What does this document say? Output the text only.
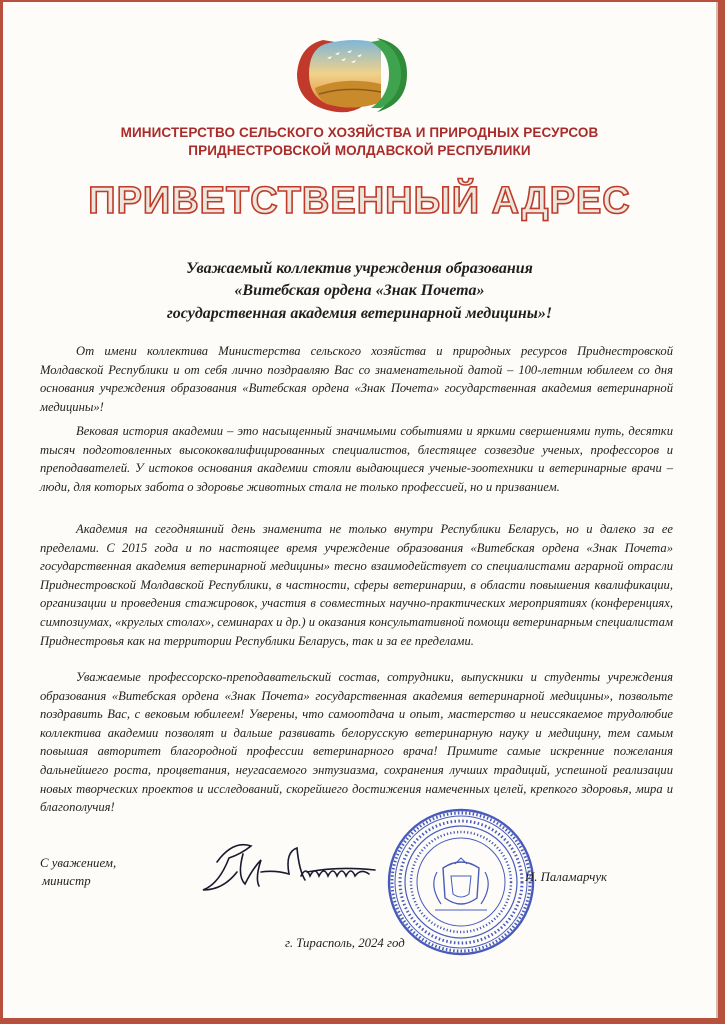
МИНИСТЕРСТВО СЕЛЬСКОГО ХОЗЯЙСТВА И ПРИРОДНЫХ РЕСУРСОВ
ПРИДНЕСТРОВСКОЙ МОЛДАВСКОЙ РЕСПУБЛИКИ
ПРИВЕТСТВЕННЫЙ АДРЕС
Уважаемый коллектив учреждения образования
«Витебская ордена «Знак Почета»
государственная академия ветеринарной медицины»!
От имени коллектива Министерства сельского хозяйства и природных ресурсов Приднестровской Молдавской Республики и от себя лично поздравляю Вас со знаменательной датой – 100-летним юбилеем со дня основания учреждения образования «Витебская ордена «Знак Почета» государственная академия ветеринарной медицины»!
Вековая история академии – это насыщенный значимыми событиями и яркими свершениями путь, десятки тысяч подготовленных высококвалифицированных специалистов, блестящее созвездие ученых, профессоров и преподавателей. У истоков основания академии стояли выдающиеся ученые-зоотехники и ветеринарные врачи – люди, для которых забота о здоровье животных стала не только профессией, но и призванием.
Академия на сегодняшний день знаменита не только внутри Республики Беларусь, но и далеко за ее пределами. С 2015 года и по настоящее время учреждение образования «Витебская ордена «Знак Почета» государственная академия ветеринарной медицины» тесно взаимодействует со специалистами аграрной отрасли Приднестровской Молдавской Республики, в частности, сферы ветеринарии, в области повышения квалификации, организации и проведения стажировок, участия в совместных научно-практических мероприятиях (конференциях, симпозиумах, «круглых столах», семинарах и др.) и оказания консультативной помощи ветеринарным специалистам Приднестровья как на территории Республики Беларусь, так и за ее пределами.
Уважаемые профессорско-преподавательский состав, сотрудники, выпускники и студенты учреждения образования «Витебская ордена «Знак Почета» государственная академия ветеринарной медицины», позвольте поздравить Вас, с вековым юбилеем! Уверены, что самоотдача и опыт, мастерство и неиссякаемое трудолюбие коллектива академии позволят и дальше развивать белорусскую ветеринарную науку и медицину, тем самым повышая авторитет благородной профессии ветеринарного врача! Примите самые искренние пожелания дальнейшего роста, процветания, неугасаемого энтузиазма, сохранения лучших традиций, успешной реализации новых творческих проектов и исследований, скорейшего достижения намеченных целей, крепкого здоровья, мира и благополучия!
С уважением,
министр	И. Паламарчук
г. Тирасполь, 2024 год
